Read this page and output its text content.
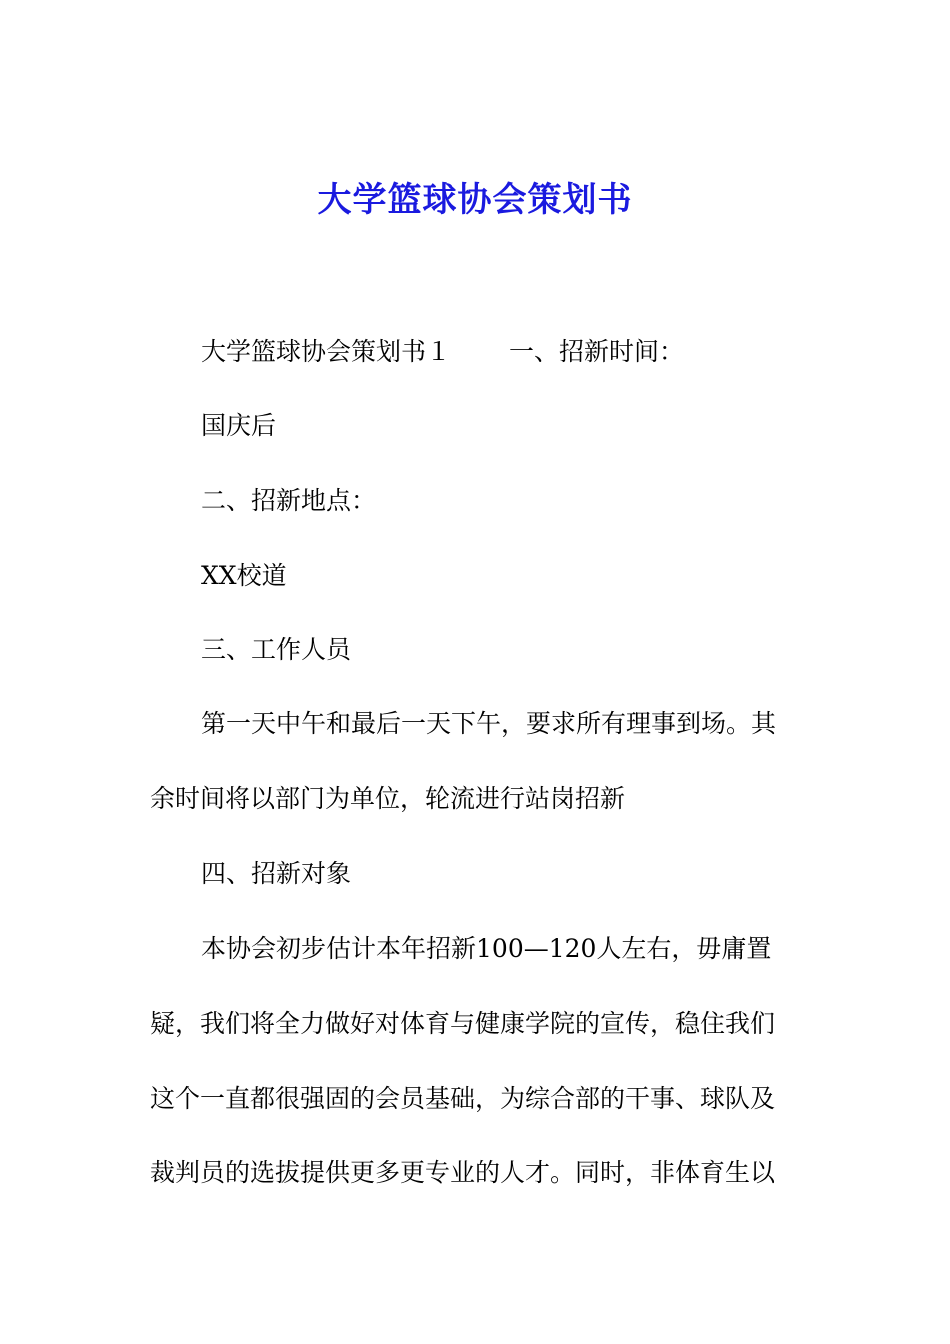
大学篮球协会策划书

大学篮球协会策划书１ 一、招新时间：

国庆后

二、招新地点：

XX校道

三、工作人员

第一天中午和最后一天下午，要求所有理事到场。其

余时间将以部门为单位，轮流进行站岗招新

四、招新对象

本协会初步估计本年招新100—120人左右，毋庸置

疑，我们将全力做好对体育与健康学院的宣传，稳住我们

这个一直都很强固的会员基础，为综合部的干事、球队及

裁判员的选拔提供更多更专业的人才。同时，非体育生以
